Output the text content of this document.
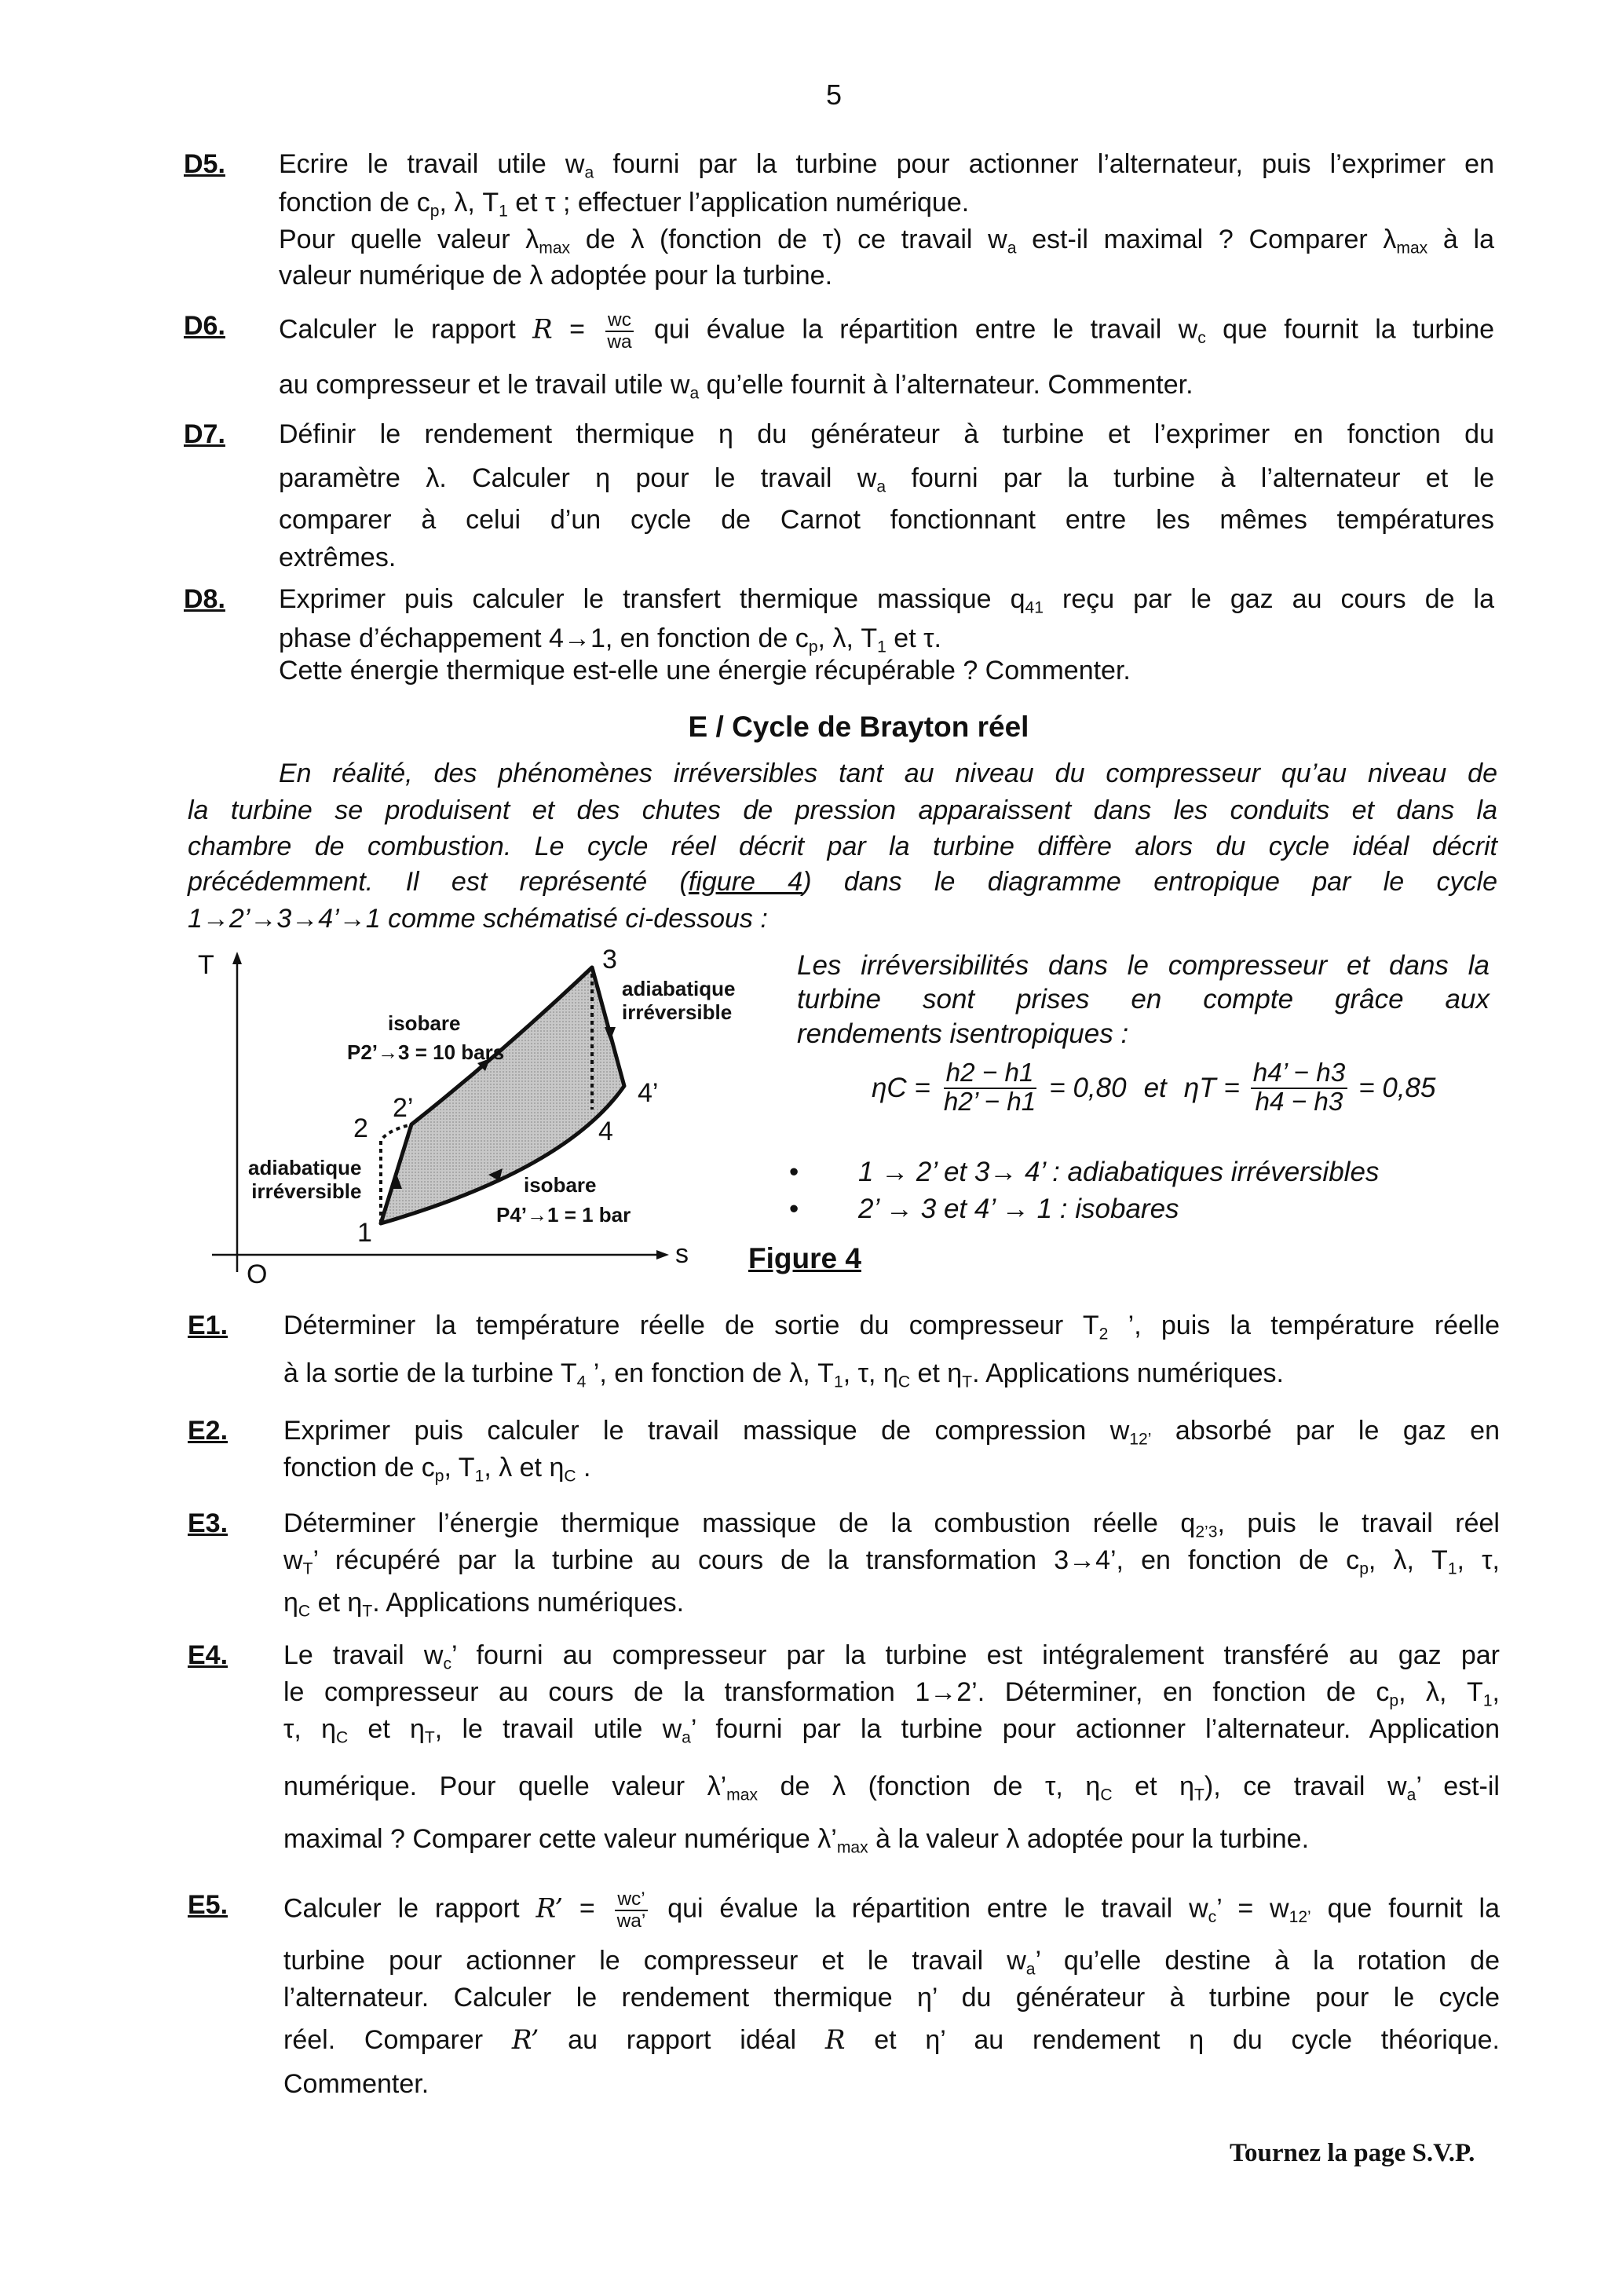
5
D5. Ecrire le travail utile $w_a$ fourni par la turbine pour actionner l’alternateur, puis l’exprimer en
fonction de $c_p$, λ, $T_1$ et τ ; effectuer l’application numérique.
Pour quelle valeur $\lambda_{max}$ de λ (fonction de τ) ce travail $w_a$ est-il maximal ? Comparer $\lambda_{max}$ à la
valeur numérique de λ adoptée pour la turbine.
D6. Calculer le rapport $R = \frac{wc}{wa}$ qui évalue la répartition entre le travail $w_c$ que fournit la turbine
au compresseur et le travail utile $w_a$ qu’elle fournit à l’alternateur. Commenter.
D7. Définir le rendement thermique η du générateur à turbine et l’exprimer en fonction du
paramètre λ. Calculer η pour le travail $w_a$ fourni par la turbine à l’alternateur et le
comparer à celui d’un cycle de Carnot fonctionnant entre les mêmes températures
extrêmes.
D8. Exprimer puis calculer le transfert thermique massique $q_{41}$ reçu par le gaz au cours de la
phase d’échappement 4→1, en fonction de $c_p$, λ, $T_1$ et τ.
Cette énergie thermique est-elle une énergie récupérable ? Commenter.
E / Cycle de Brayton réel
En réalité, des phénomènes irréversibles tant au niveau du compresseur qu’au niveau de
la turbine se produisent et des chutes de pression apparaissent dans les conduits et dans la
chambre de combustion. Le cycle réel décrit par la turbine diffère alors du cycle idéal décrit
précédemment. Il est représenté (figure 4) dans le diagramme entropique par le cycle
1→2’→3→4’→1 comme schématisé ci-dessous :
T
s
O
1
2
2’
3
4
4’
adiabatique
irréversible
adiabatique
irréversible
isobare
P2’→3 = 10 bars
isobare
P4’→1 = 1 bar
Figure 4
Les irréversibilités dans le compresseur et dans la
turbine sont prises en compte grâce aux
rendements isentropiques :
$\eta C = \frac{h2 - h1}{h2’ - h1} = 0,80$ et $\eta T = \frac{h4’ - h3}{h4 - h3} = 0,85$
• 1 → 2’ et 3→ 4’ : adiabatiques irréversibles
• 2’ → 3 et 4’ → 1 : isobares
E1. Déterminer la température réelle de sortie du compresseur $T_2$ ’, puis la température réelle
à la sortie de la turbine $T_4$ ’, en fonction de λ, $T_1$, τ, $\eta_C$ et $\eta_T$. Applications numériques.
E2. Exprimer puis calculer le travail massique de compression $w_{12’}$ absorbé par le gaz en
fonction de $c_p$, $T_1$, λ et $\eta_C$ .
E3. Déterminer l’énergie thermique massique de la combustion réelle $q_{2’3}$, puis le travail réel
$w_T$’ récupéré par la turbine au cours de la transformation 3→4’, en fonction de $c_p$, λ, $T_1$, τ,
$\eta_C$ et $\eta_T$. Applications numériques.
E4. Le travail $w_c$’ fourni au compresseur par la turbine est intégralement transféré au gaz par
le compresseur au cours de la transformation 1→2’. Déterminer, en fonction de $c_p$, λ, $T_1$,
τ, $\eta_C$ et $\eta_T$, le travail utile $w_a$’ fourni par la turbine pour actionner l’alternateur. Application
numérique. Pour quelle valeur $\lambda’_{max}$ de λ (fonction de τ, $\eta_C$ et $\eta_T$), ce travail $w_a$’ est-il
maximal ? Comparer cette valeur numérique $\lambda’_{max}$ à la valeur λ adoptée pour la turbine.
E5. Calculer le rapport R’ = $\frac{wc’}{wa’}$ qui évalue la répartition entre le travail $w_c$’ = $w_{12’}$ que fournit la
turbine pour actionner le compresseur et le travail $w_a$’ qu’elle destine à la rotation de
l’alternateur. Calculer le rendement thermique η’ du générateur à turbine pour le cycle
réel. Comparer R’ au rapport idéal R et η’ au rendement η du cycle théorique.
Commenter.
Tournez la page S.V.P.
